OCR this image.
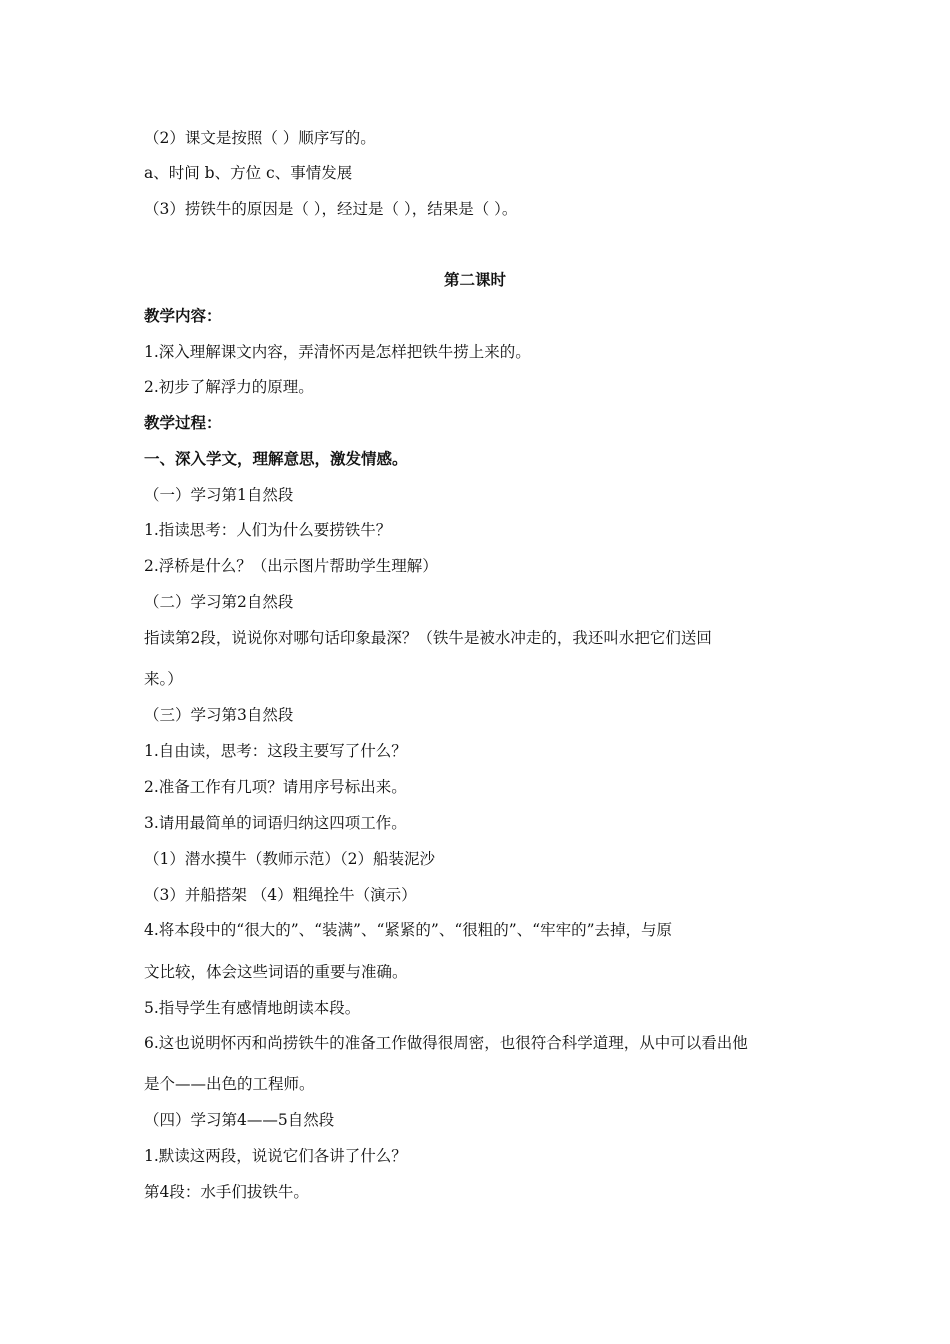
（2）课文是按照（ ）顺序写的。
a、时间 b、方位 c、事情发展
（3）捞铁牛的原因是（ ），经过是（ ），结果是（ ）。
第二课时
教学内容：
1.深入理解课文内容，弄清怀丙是怎样把铁牛捞上来的。
2.初步了解浮力的原理。
教学过程：
一、深入学文，理解意思，激发情感。
（一）学习第1自然段
1.指读思考：人们为什么要捞铁牛？
2.浮桥是什么？（出示图片帮助学生理解）
（二）学习第2自然段
指读第2段，说说你对哪句话印象最深？（铁牛是被水冲走的，我还叫水把它们送回
来。）
（三）学习第3自然段
1.自由读，思考：这段主要写了什么？
2.准备工作有几项？请用序号标出来。
3.请用最简单的词语归纳这四项工作。
（1）潜水摸牛（教师示范）（2）船装泥沙
（3）并船搭架 （4）粗绳拴牛（演示）
4.将本段中的“很大的”、“装满”、“紧紧的”、“很粗的”、“牢牢的”去掉，与原
文比较，体会这些词语的重要与准确。
5.指导学生有感情地朗读本段。
6.这也说明怀丙和尚捞铁牛的准备工作做得很周密，也很符合科学道理，从中可以看出他
是个——出色的工程师。
（四）学习第4——5自然段
1.默读这两段，说说它们各讲了什么？
第4段：水手们拔铁牛。
